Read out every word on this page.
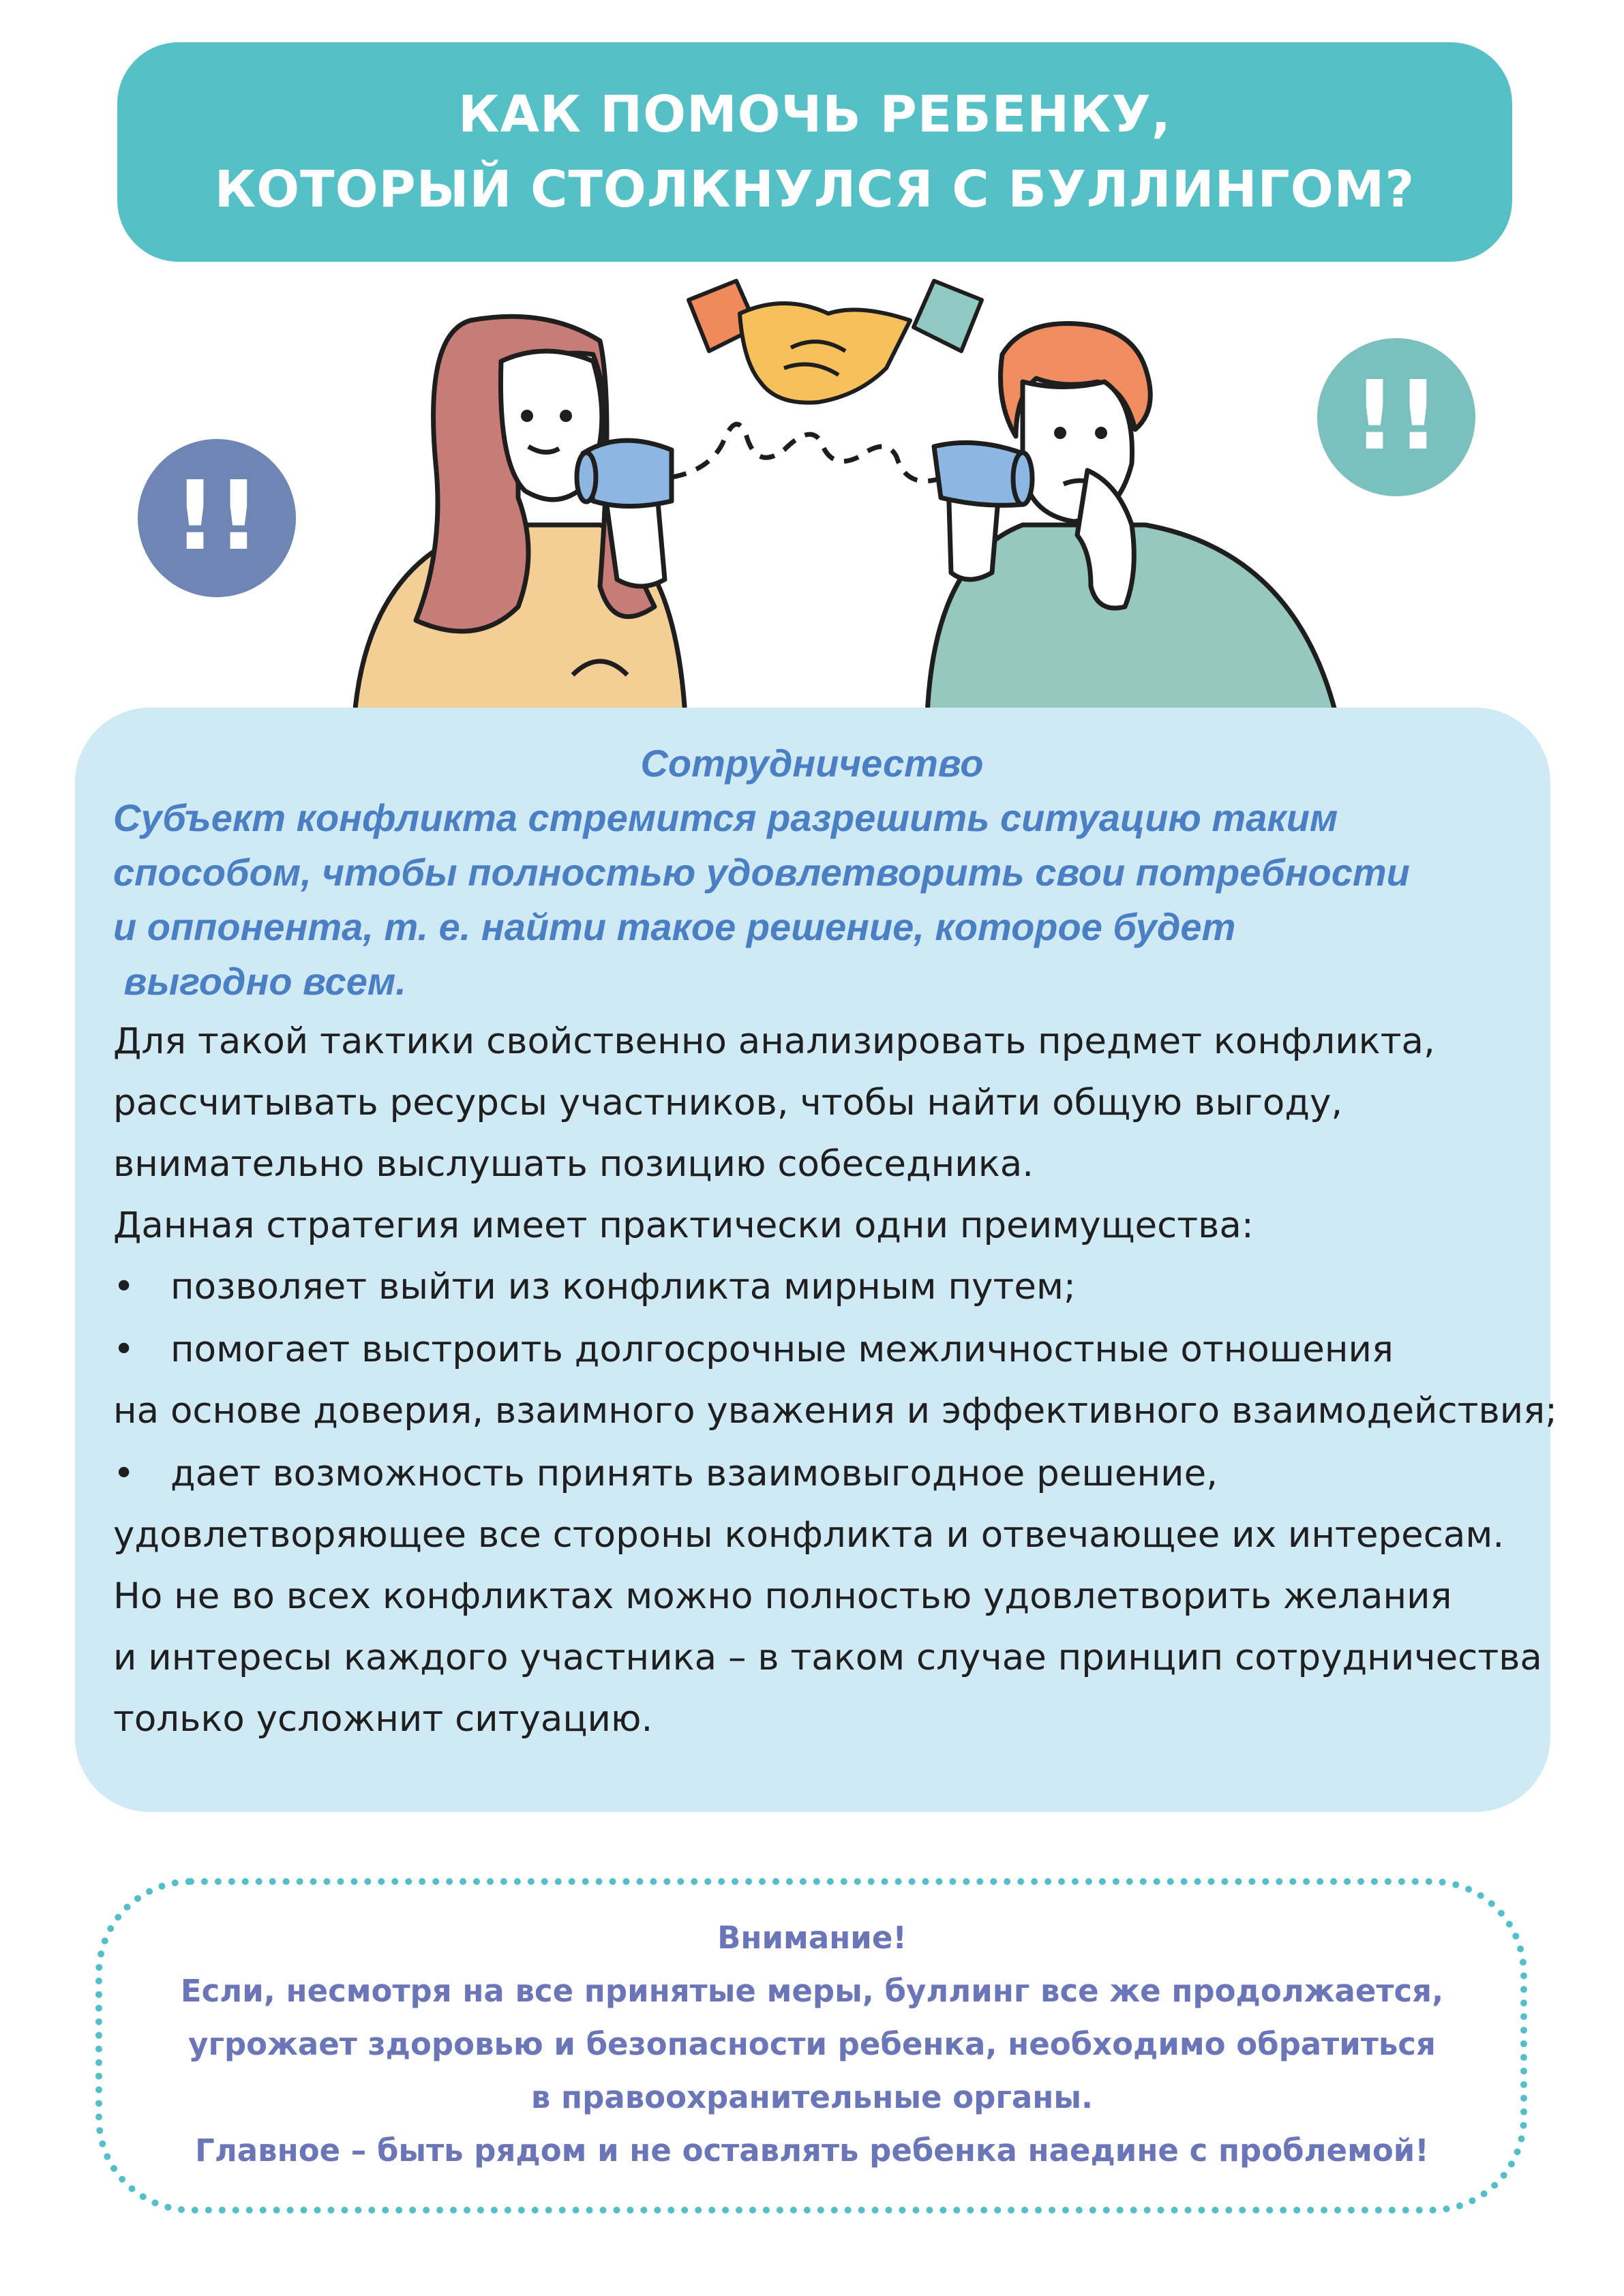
КАК ПОМОЧЬ РЕБЕНКУ,
КОТОРЫЙ СТОЛКНУЛСЯ С БУЛЛИНГОМ?
!!
!!
Сотрудничество
Субъект конфликта стремится разрешить ситуацию таким
способом, чтобы полностью удовлетворить свои потребности
и оппонента, т. е. найти такое решение, которое будет
выгодно всем.
Для такой тактики свойственно анализировать предмет конфликта,
рассчитывать ресурсы участников, чтобы найти общую выгоду,
внимательно выслушать позицию собеседника.
Данная стратегия имеет практически одни преимущества:
• позволяет выйти из конфликта мирным путем;
• помогает выстроить долгосрочные межличностные отношения
на основе доверия, взаимного уважения и эффективного взаимодействия;
• дает возможность принять взаимовыгодное решение,
удовлетворяющее все стороны конфликта и отвечающее их интересам.
Но не во всех конфликтах можно полностью удовлетворить желания
и интересы каждого участника – в таком случае принцип сотрудничества
только усложнит ситуацию.
Внимание!
Если, несмотря на все принятые меры, буллинг все же продолжается,
угрожает здоровью и безопасности ребенка, необходимо обратиться
в правоохранительные органы.
Главное – быть рядом и не оставлять ребенка наедине с проблемой!
